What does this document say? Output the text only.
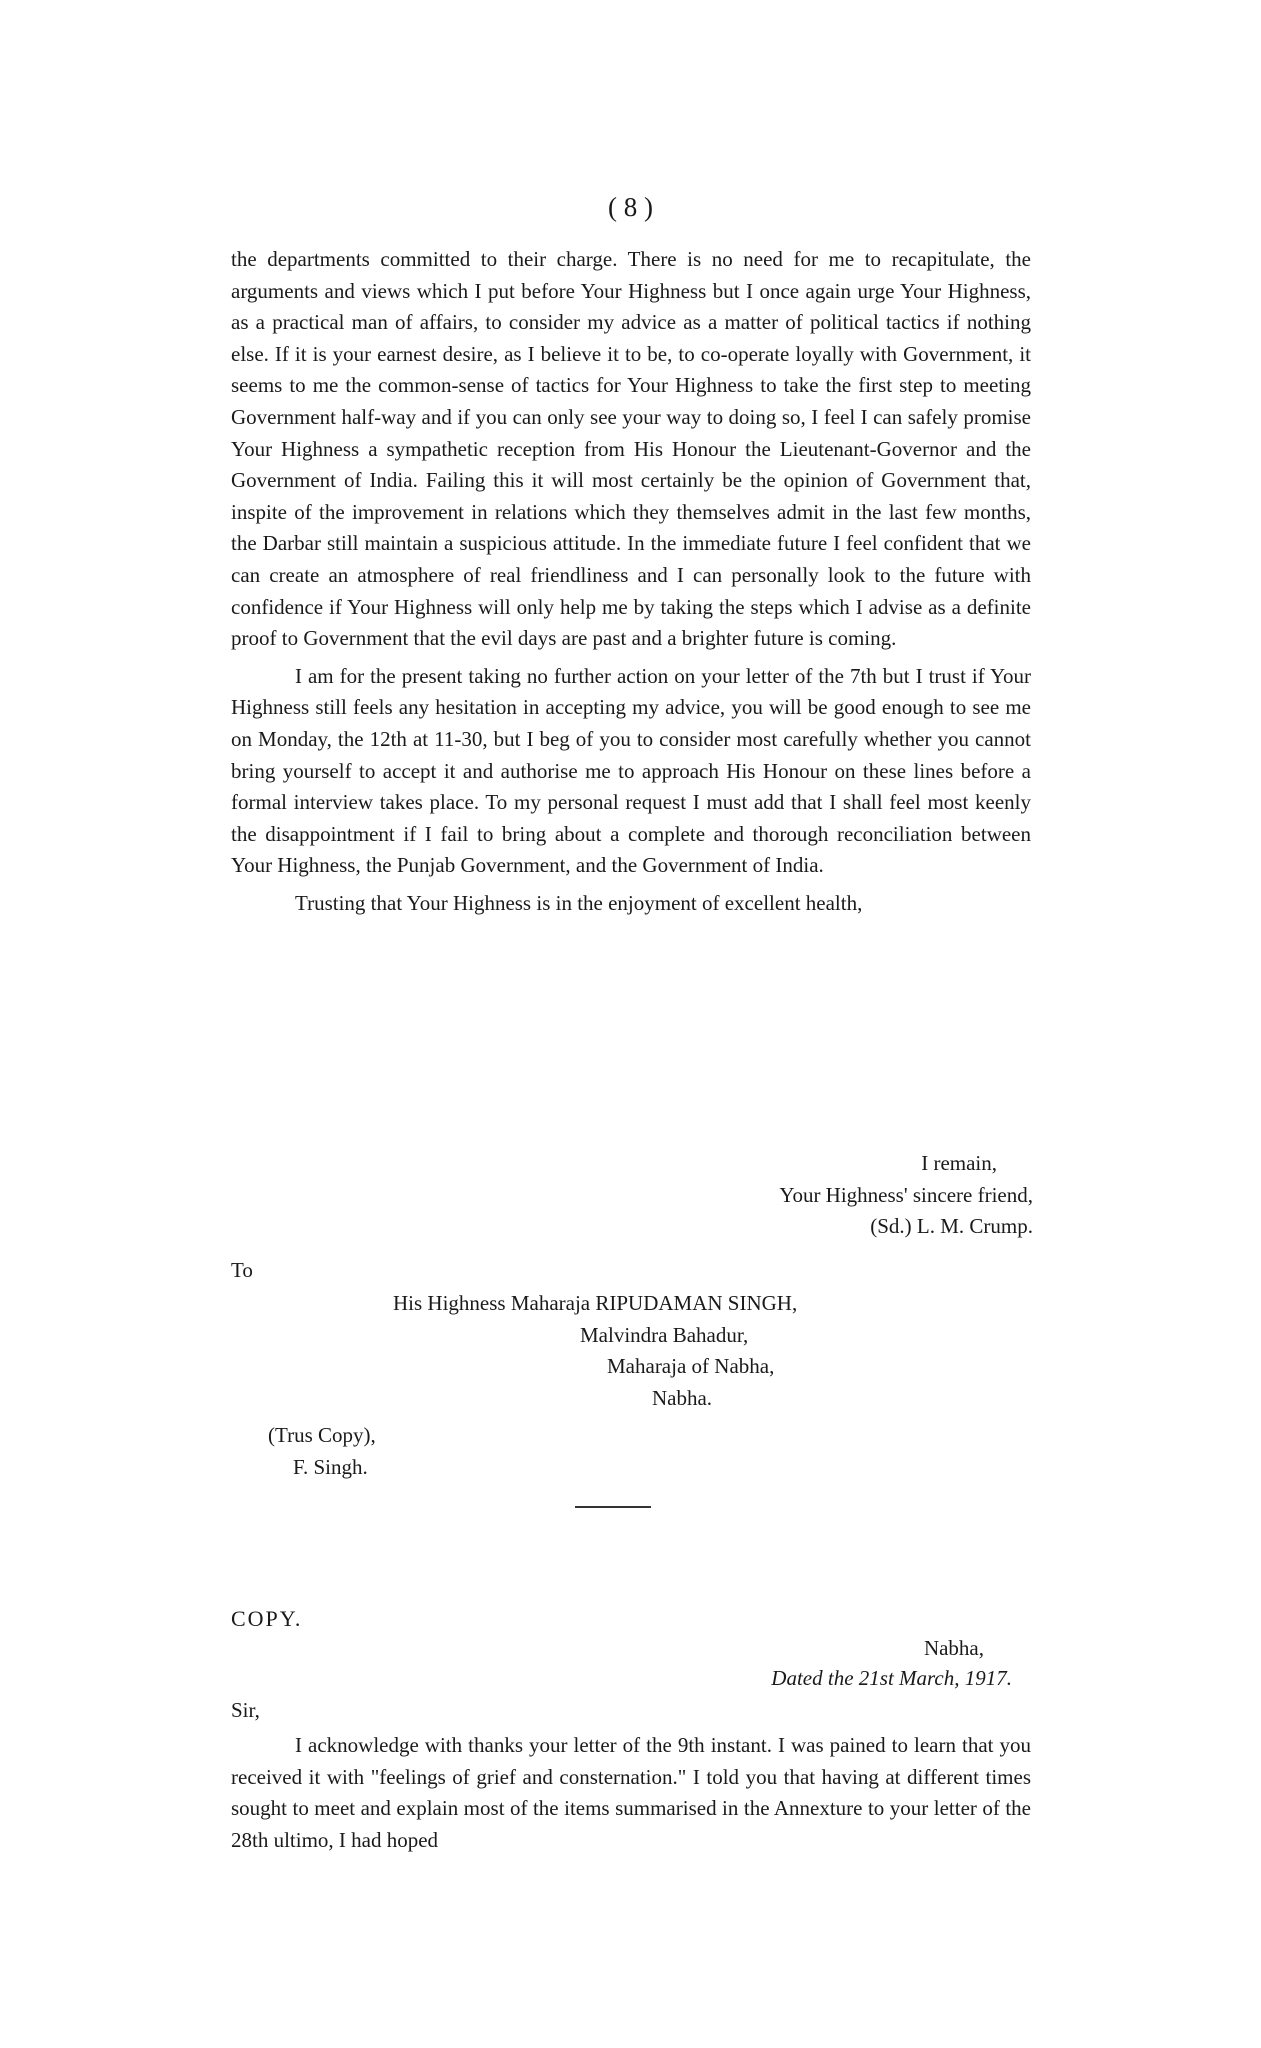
( 8 )

the departments committed to their charge. There is no need for me to recapitulate, the arguments and views which I put before Your Highness but I once again urge Your Highness, as a practical man of affairs, to consider my advice as a matter of political tactics if nothing else. If it is your earnest desire, as I believe it to be, to co-operate loyally with Government, it seems to me the common-sense of tactics for Your Highness to take the first step to meeting Government half-way and if you can only see your way to doing so, I feel I can safely promise Your Highness a sympathetic reception from His Honour the Lieutenant-Governor and the Government of India. Failing this it will most certainly be the opinion of Government that, inspite of the improvement in relations which they themselves admit in the last few months, the Darbar still maintain a suspicious attitude. In the immediate future I feel confident that we can create an atmosphere of real friendliness and I can personally look to the future with confidence if Your Highness will only help me by taking the steps which I advise as a definite proof to Government that the evil days are past and a brighter future is coming.

I am for the present taking no further action on your letter of the 7th but I trust if Your Highness still feels any hesitation in accepting my advice, you will be good enough to see me on Monday, the 12th at 11-30, but I beg of you to consider most carefully whether you cannot bring yourself to accept it and authorise me to approach His Honour on these lines before a formal interview takes place. To my personal request I must add that I shall feel most keenly the disappointment if I fail to bring about a complete and thorough reconciliation between Your Highness, the Punjab Government, and the Government of India.

Trusting that Your Highness is in the enjoyment of excellent health,

I remain,
Your Highness' sincere friend,
(Sd.) L. M. Crump.
To
His Highness Maharaja RIPUDAMAN SINGH,
Malvindra Bahadur,
Maharaja of Nabha,
Nabha.
(Trus Copy),
F. Singh.
COPY.
Nabha,
Dated the 21st March, 1917.
Sir,

I acknowledge with thanks your letter of the 9th instant. I was pained to learn that you received it with "feelings of grief and consternation." I told you that having at different times sought to meet and explain most of the items summarised in the Annexture to your letter of the 28th ultimo, I had hoped
